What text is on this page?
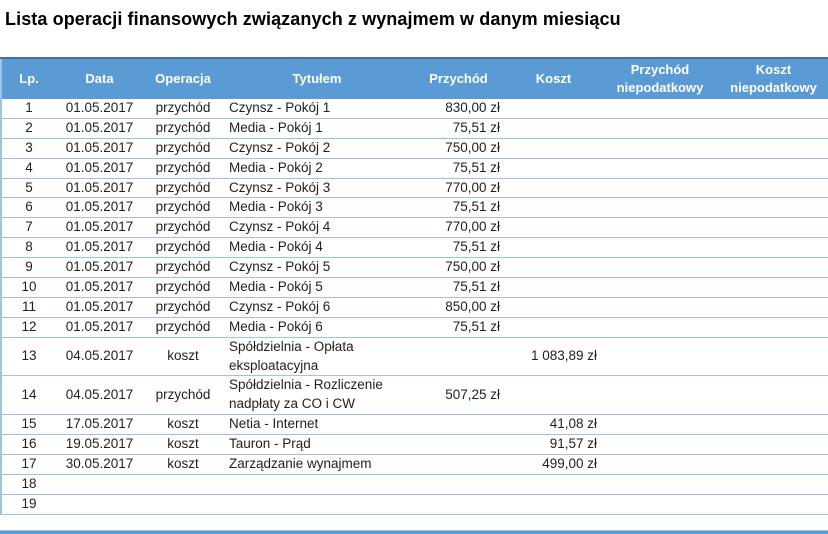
Lista operacji finansowych związanych z wynajmem w danym miesiącu
Lp.	Data	Operacja	Tytułem	Przychód	Koszt	Przychód niepodatkowy	Koszt niepodatkowy
1	01.05.2017	przychód	Czynsz - Pokój 1	830,00 zł			
2	01.05.2017	przychód	Media - Pokój 1	75,51 zł			
3	01.05.2017	przychód	Czynsz - Pokój 2	750,00 zł			
4	01.05.2017	przychód	Media - Pokój 2	75,51 zł			
5	01.05.2017	przychód	Czynsz - Pokój 3	770,00 zł			
6	01.05.2017	przychód	Media - Pokój 3	75,51 zł			
7	01.05.2017	przychód	Czynsz - Pokój 4	770,00 zł			
8	01.05.2017	przychód	Media - Pokój 4	75,51 zł			
9	01.05.2017	przychód	Czynsz - Pokój 5	750,00 zł			
10	01.05.2017	przychód	Media - Pokój 5	75,51 zł			
11	01.05.2017	przychód	Czynsz - Pokój 6	850,00 zł			
12	01.05.2017	przychód	Media - Pokój 6	75,51 zł			
13	04.05.2017	koszt	Spółdzielnia - Opłata eksploatacyjna		1 083,89 zł		
14	04.05.2017	przychód	Spółdzielnia - Rozliczenie nadpłaty za CO i CW	507,25 zł			
15	17.05.2017	koszt	Netia - Internet		41,08 zł		
16	19.05.2017	koszt	Tauron - Prąd		91,57 zł		
17	30.05.2017	koszt	Zarządzanie wynajmem		499,00 zł		
18							
19							
